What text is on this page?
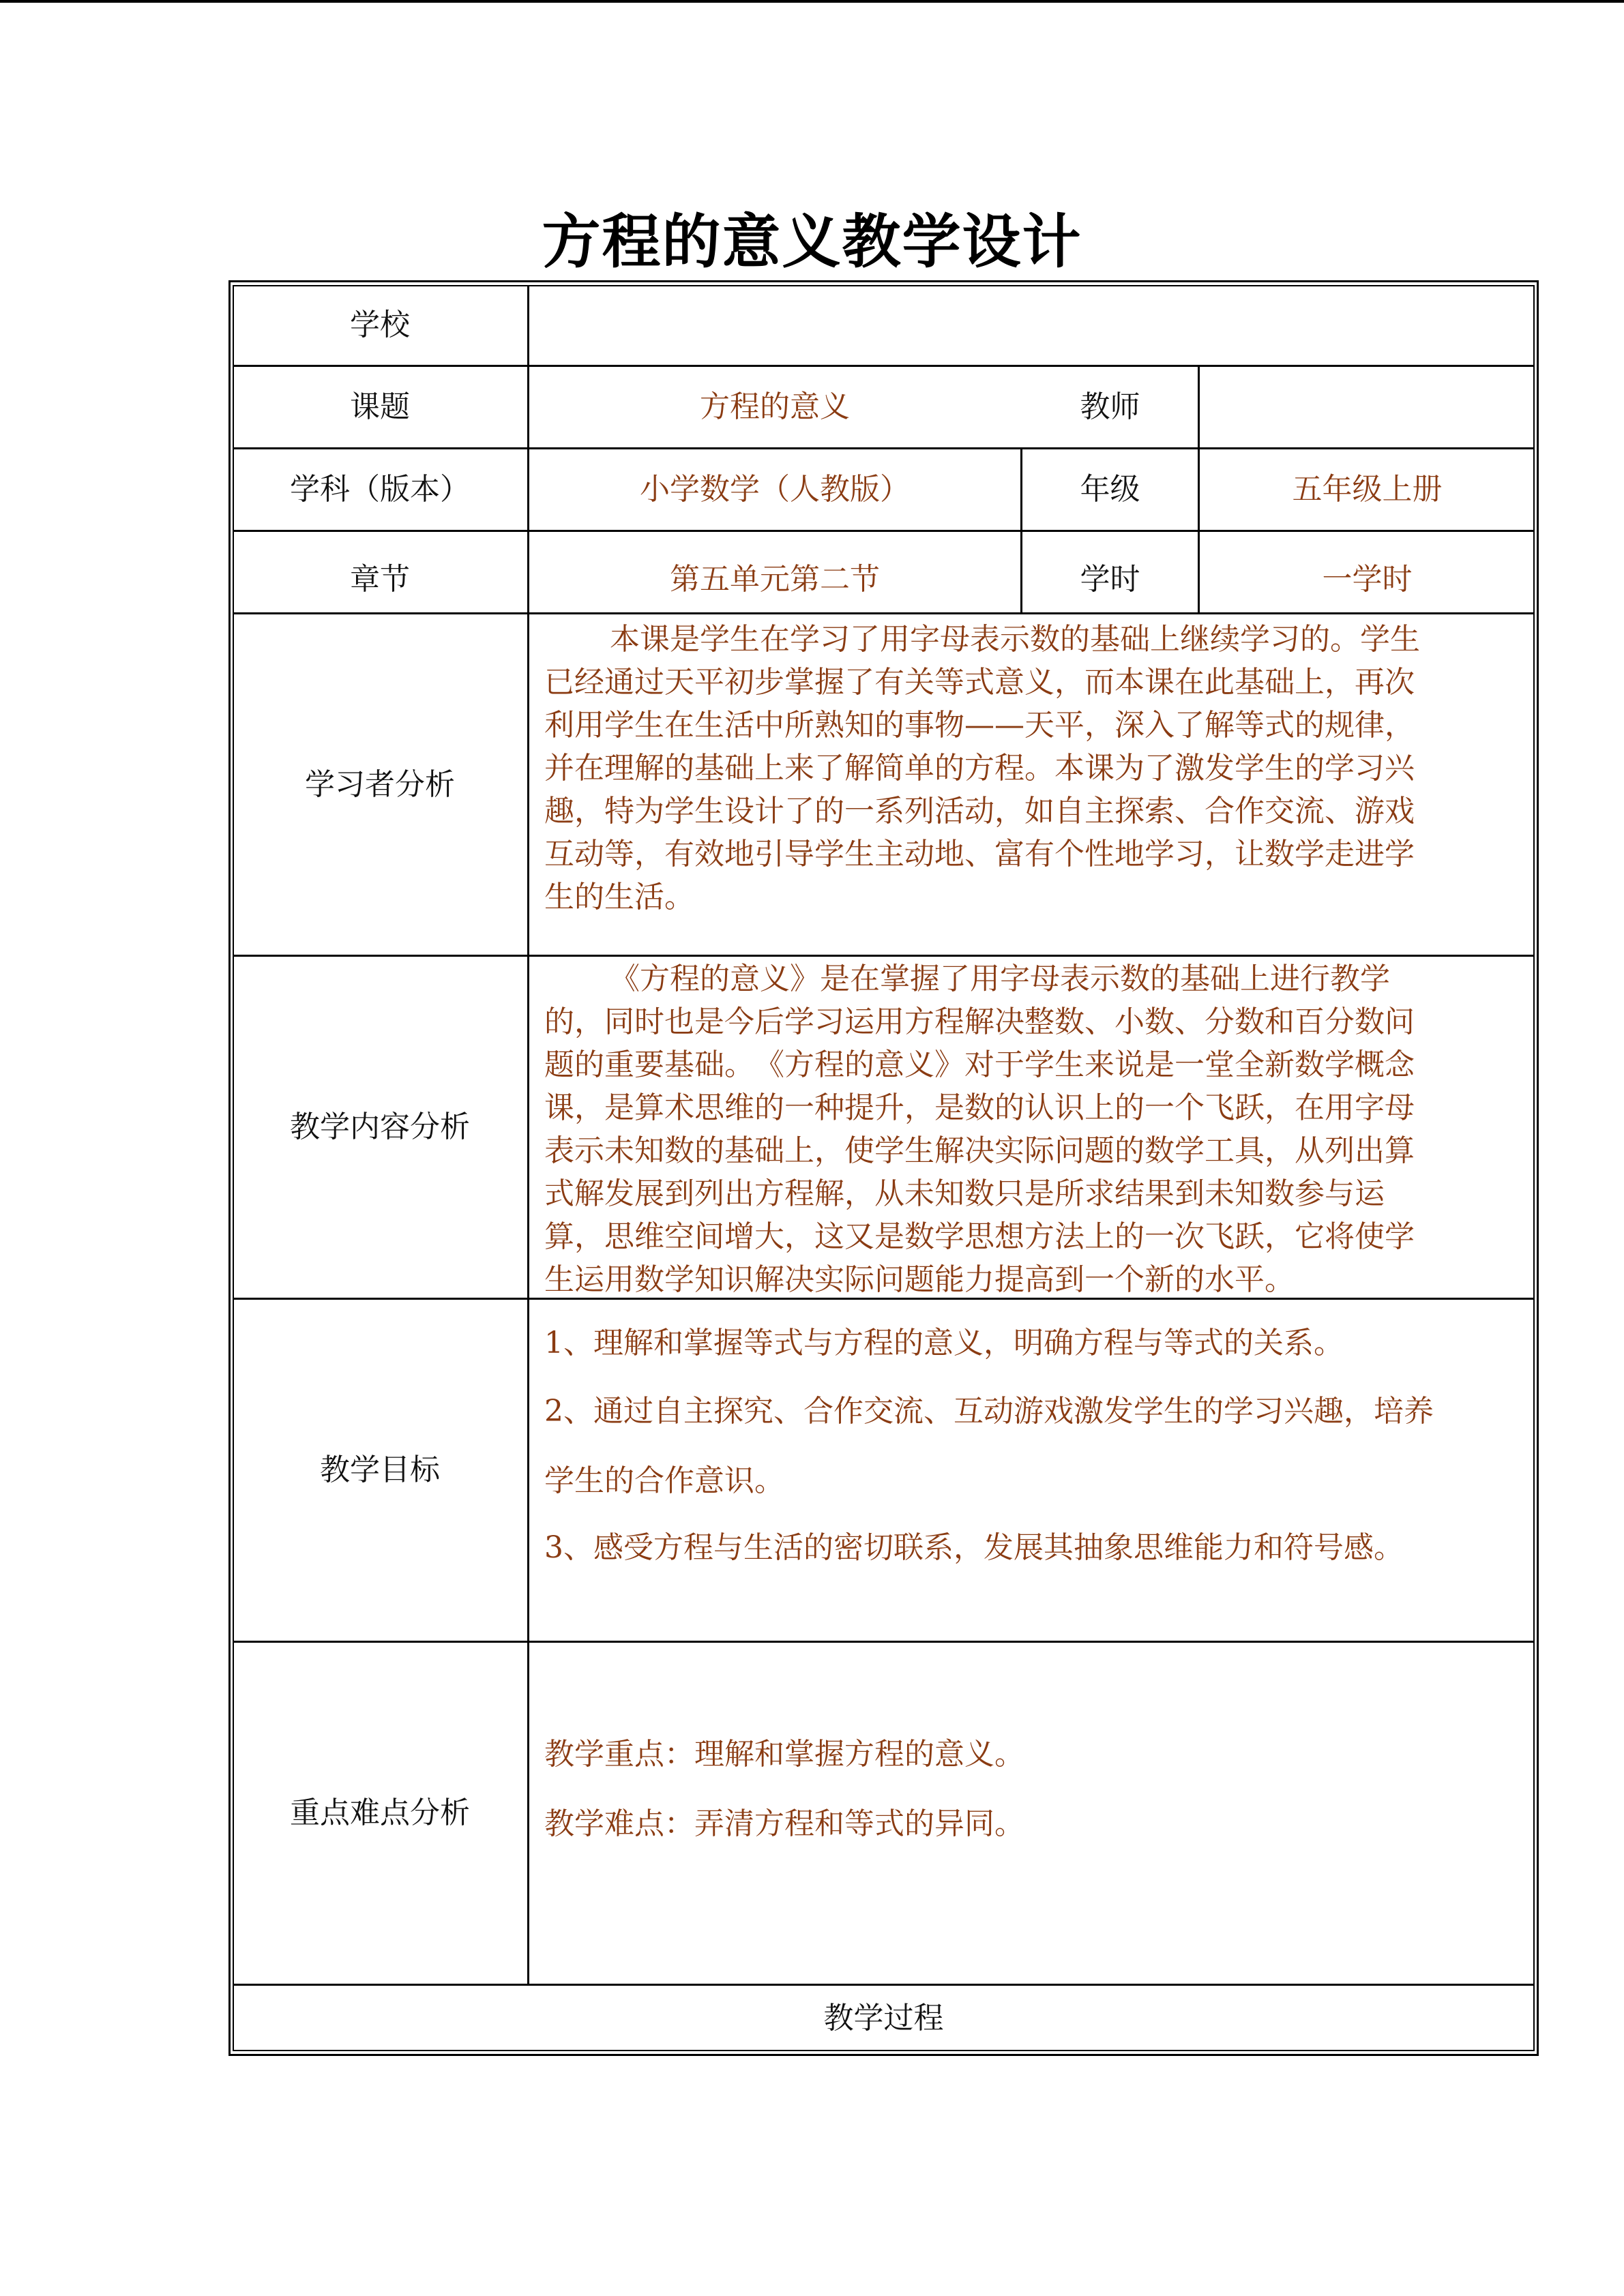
方程的意义教学设计
学校
课题	方程的意义	教师
学科（版本）	小学数学（人教版）	年级	五年级上册
章节	第五单元第二节	学时	一学时
学习者分析

本课是学生在学习了用字母表示数的基础上继续学习的。学生
已经通过天平初步掌握了有关等式意义，而本课在此基础上，再次
利用学生在生活中所熟知的事物——天平，深入了解等式的规律，
并在理解的基础上来了解简单的方程。本课为了激发学生的学习兴
趣，特为学生设计了的一系列活动，如自主探索、合作交流、游戏
互动等，有效地引导学生主动地、富有个性地学习，让数学走进学
生的生活。

教学内容分析

《方程的意义》是在掌握了用字母表示数的基础上进行教学
的，同时也是今后学习运用方程解决整数、小数、分数和百分数问
题的重要基础。　《方程的意义》对于学生来说是一堂全新数学概念
课，是算术思维的一种提升，是数的认识上的一个飞跃，在用字母
表示未知数的基础上，使学生解决实际问题的数学工具，从列出算
式解发展到列出方程解，从未知数只是所求结果到未知数参与运
算，思维空间增大，这又是数学思想方法上的一次飞跃，它将使学
生运用数学知识解决实际问题能力提高到一个新的水平。

教学目标

1、理解和掌握等式与方程的意义，明确方程与等式的关系。

2、通过自主探究、合作交流、互动游戏激发学生的学习兴趣，培养

学生的合作意识。

3、感受方程与生活的密切联系，发展其抽象思维能力和符号感。

重点难点分析

教学重点：理解和掌握方程的意义。

教学难点：弄清方程和等式的异同。

教学过程
